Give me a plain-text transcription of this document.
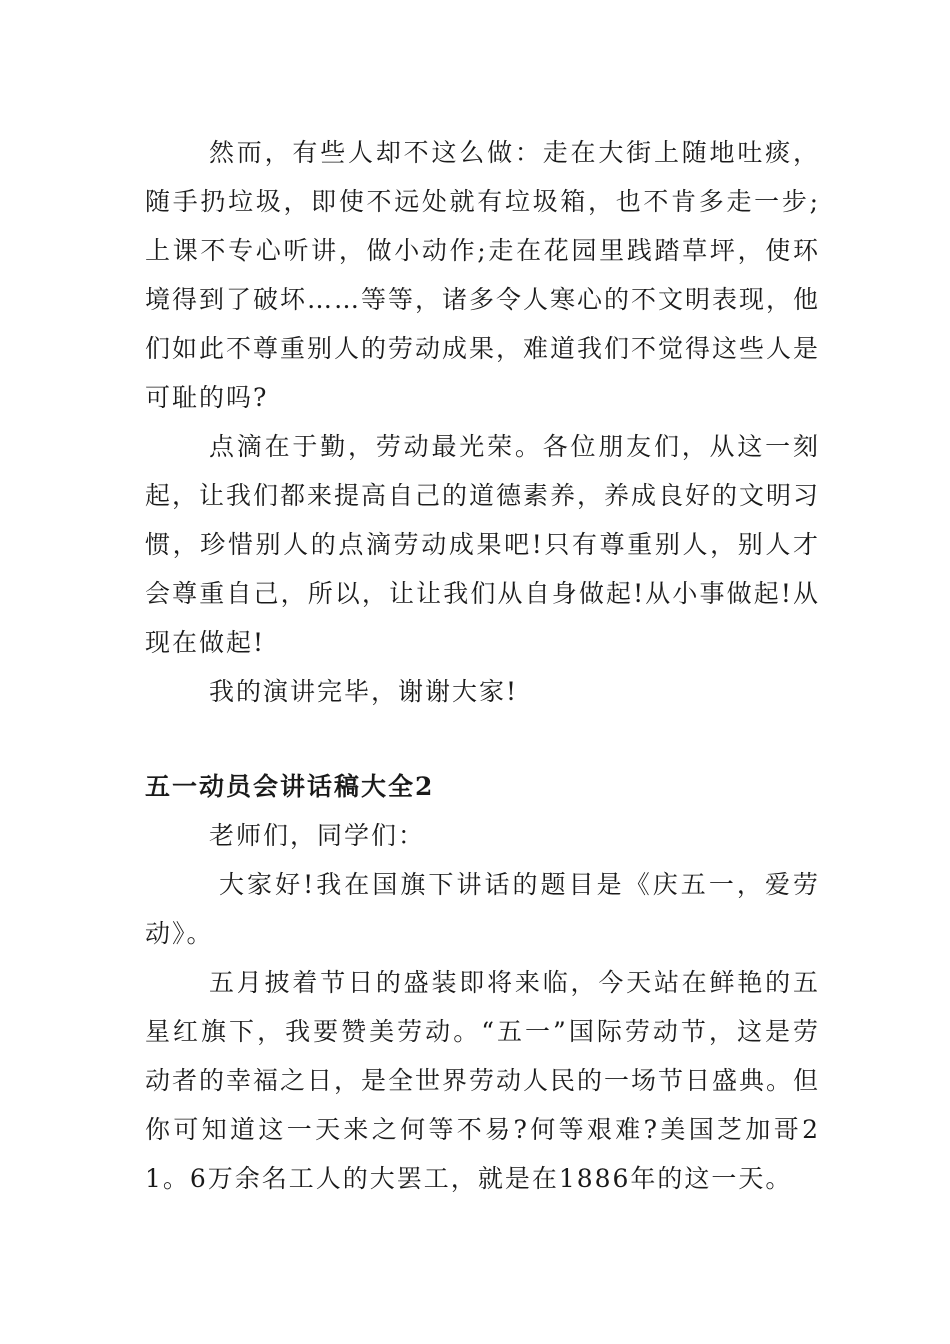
然而，有些人却不这么做：走在大街上随地吐痰，随手扔垃圾，即使不远处就有垃圾箱，也不肯多走一步;上课不专心听讲，做小动作;走在花园里践踏草坪，使环境得到了破坏……等等，诸多令人寒心的不文明表现，他们如此不尊重别人的劳动成果，难道我们不觉得这些人是可耻的吗?

点滴在于勤，劳动最光荣。各位朋友们，从这一刻起，让我们都来提高自己的道德素养，养成良好的文明习惯，珍惜别人的点滴劳动成果吧!只有尊重别人，别人才会尊重自己，所以，让让我们从自身做起!从小事做起!从现在做起!

我的演讲完毕，谢谢大家!

五一动员会讲话稿大全2

老师们，同学们：

大家好!我在国旗下讲话的题目是《庆五一，爱劳动》。

五月披着节日的盛装即将来临，今天站在鲜艳的五星红旗下，我要赞美劳动。“五一”国际劳动节，这是劳动者的幸福之日，是全世界劳动人民的一场节日盛典。但你可知道这一天来之何等不易?何等艰难?美国芝加哥21。6万余名工人的大罢工，就是在1886年的这一天。
